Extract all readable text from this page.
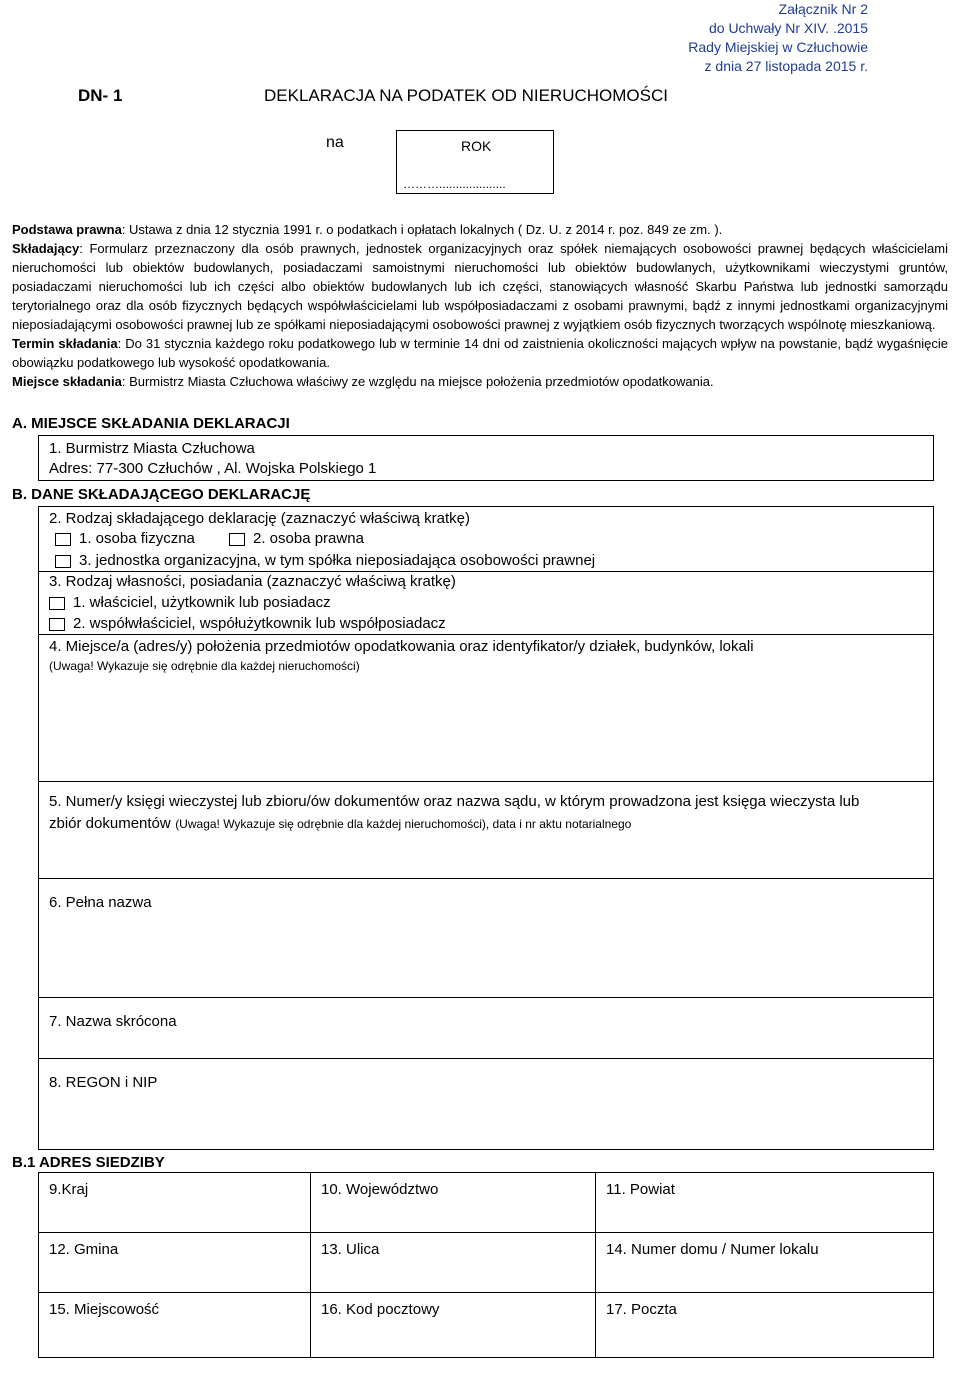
Załącznik Nr 2
do Uchwały Nr XIV. .2015
Rady Miejskiej w Człuchowie
z dnia 27 listopada 2015 r.
DN- 1	DEKLARACJA NA PODATEK OD NIERUCHOMOŚCI
na	ROK
………....................
Podstawa prawna: Ustawa z dnia 12 stycznia 1991 r. o podatkach i opłatach lokalnych ( Dz. U. z 2014 r. poz. 849 ze zm. ).
Składający: Formularz przeznaczony dla osób prawnych, jednostek organizacyjnych oraz spółek niemających osobowości prawnej będących właścicielami nieruchomości lub obiektów budowlanych, posiadaczami samoistnymi nieruchomości lub obiektów budowlanych, użytkownikami wieczystymi gruntów, posiadaczami nieruchomości lub ich części albo obiektów budowlanych lub ich części, stanowiących własność Skarbu Państwa lub jednostki samorządu terytorialnego oraz dla osób fizycznych będących współwłaścicielami lub współposiadaczami z osobami prawnymi, bądź z innymi jednostkami organizacyjnymi nieposiadającymi osobowości prawnej lub ze spółkami nieposiadającymi osobowości prawnej z wyjątkiem osób fizycznych tworzących wspólnotę mieszkaniową.
Termin składania: Do 31 stycznia każdego roku podatkowego lub w terminie 14 dni od zaistnienia okoliczności mających wpływ na powstanie, bądź wygaśnięcie obowiązku podatkowego lub wysokość opodatkowania.
Miejsce składania: Burmistrz Miasta Człuchowa właściwy ze względu na miejsce położenia przedmiotów opodatkowania.
A. MIEJSCE SKŁADANIA DEKLARACJI
1. Burmistrz Miasta Człuchowa
Adres: 77-300 Człuchów , Al. Wojska Polskiego 1
B. DANE SKŁADAJĄCEGO DEKLARACJĘ
2. Rodzaj składającego deklarację (zaznaczyć właściwą kratkę)
1. osoba fizyczna	2. osoba prawna
3. jednostka organizacyjna, w tym spółka nieposiadająca osobowości prawnej
3. Rodzaj własności, posiadania (zaznaczyć właściwą kratkę)
1. właściciel, użytkownik lub posiadacz
2. współwłaściciel, współużytkownik lub współposiadacz
4. Miejsce/a (adres/y) położenia przedmiotów opodatkowania oraz identyfikator/y działek, budynków, lokali
(Uwaga! Wykazuje się odrębnie dla każdej nieruchomości)
5. Numer/y księgi wieczystej lub zbioru/ów dokumentów oraz nazwa sądu, w którym prowadzona jest księga wieczysta lub
zbiór dokumentów (Uwaga! Wykazuje się odrębnie dla każdej nieruchomości), data i nr aktu notarialnego
6. Pełna nazwa
7. Nazwa skrócona
8. REGON i NIP
B.1 ADRES SIEDZIBY
9.Kraj	10. Województwo	11. Powiat
12. Gmina	13. Ulica	14. Numer domu / Numer lokalu
15. Miejscowość	16. Kod pocztowy	17. Poczta
